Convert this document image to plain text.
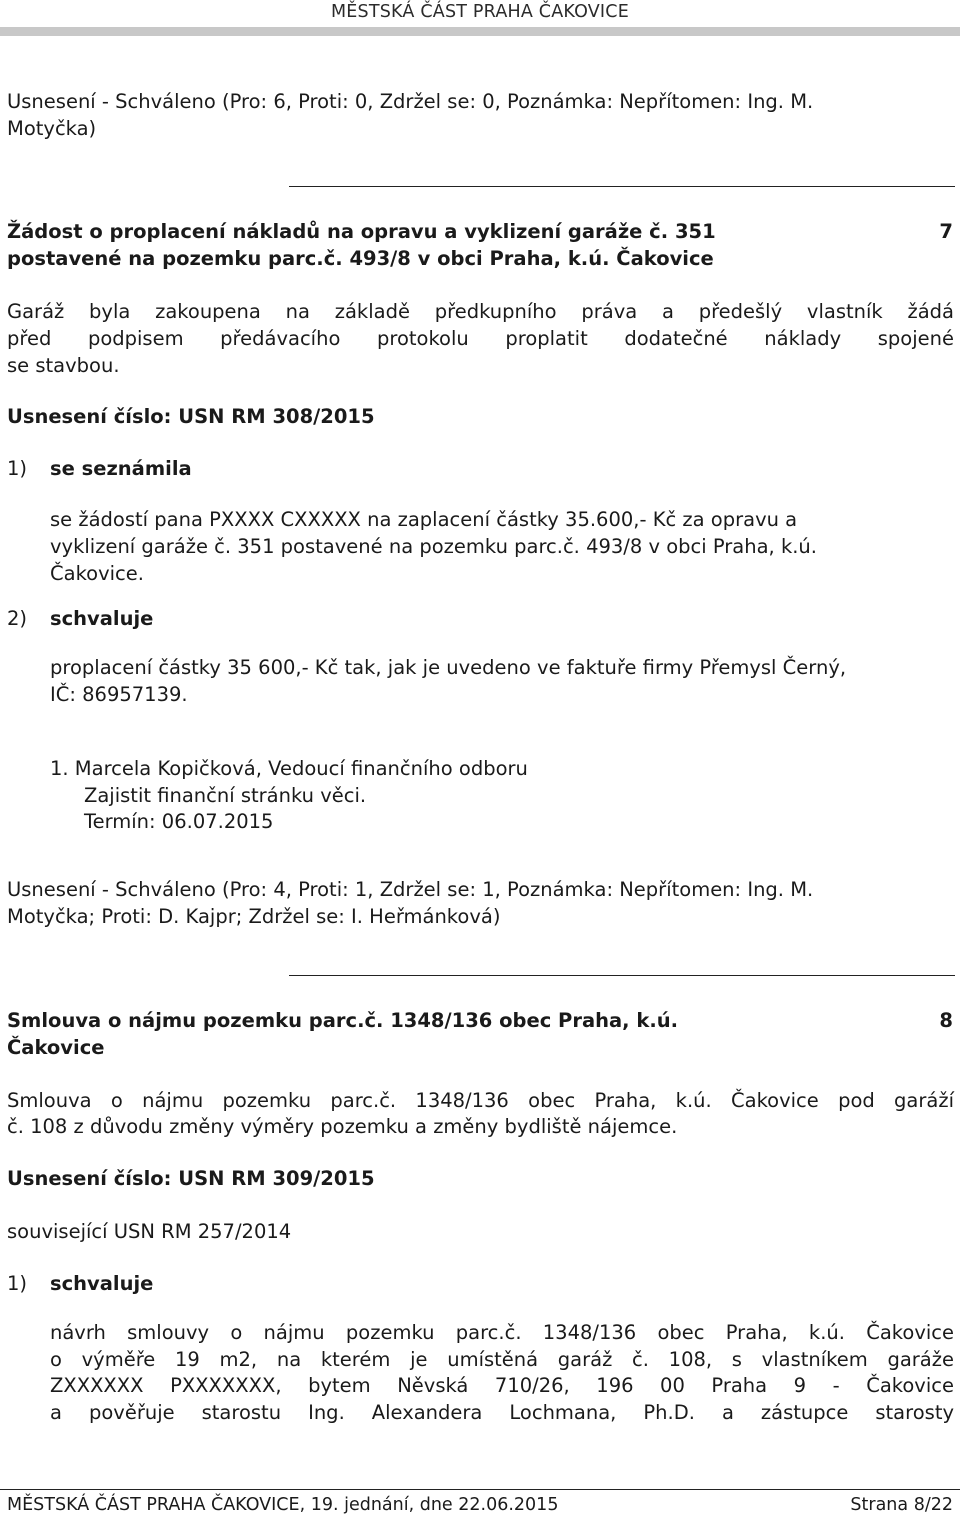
MĚSTSKÁ ČÁST PRAHA ČAKOVICE
Usnesení - Schváleno (Pro: 6, Proti: 0, Zdržel se: 0, Poznámka: Nepřítomen: Ing. M.
Motyčka)
Žádost o proplacení nákladů na opravu a vyklizení garáže č. 351
postavené na pozemku parc.č. 493/8 v obci Praha, k.ú. Čakovice
7
Garáž byla zakoupena na základě předkupního práva a předešlý vlastník žádá
před podpisem předávacího protokolu proplatit dodatečné náklady spojené
se stavbou.
Usnesení číslo: USN RM 308/2015
1) se seznámila
se žádostí pana PXXXX CXXXXX na zaplacení částky 35.600,- Kč za opravu a
vyklizení garáže č. 351 postavené na pozemku parc.č. 493/8 v obci Praha, k.ú.
Čakovice.
2) schvaluje
proplacení částky 35 600,- Kč tak, jak je uvedeno ve faktuře firmy Přemysl Černý,
IČ: 86957139.
1. Marcela Kopičková, Vedoucí finančního odboru
Zajistit finanční stránku věci.
Termín: 06.07.2015
Usnesení - Schváleno (Pro: 4, Proti: 1, Zdržel se: 1, Poznámka: Nepřítomen: Ing. M.
Motyčka; Proti: D. Kajpr; Zdržel se: I. Heřmánková)
Smlouva o nájmu pozemku parc.č. 1348/136 obec Praha, k.ú.
Čakovice
8
Smlouva o nájmu pozemku parc.č. 1348/136 obec Praha, k.ú. Čakovice pod garáží
č. 108 z důvodu změny výměry pozemku a změny bydliště nájemce.
Usnesení číslo: USN RM 309/2015
související USN RM 257/2014
1) schvaluje
návrh smlouvy o nájmu pozemku parc.č. 1348/136 obec Praha, k.ú. Čakovice
o výměře 19 m2, na kterém je umístěná garáž č. 108, s vlastníkem garáže
ZXXXXXX PXXXXXXX, bytem Něvská 710/26, 196 00 Praha 9 - Čakovice
a pověřuje starostu Ing. Alexandera Lochmana, Ph.D. a zástupce starosty
MĚSTSKÁ ČÁST PRAHA ČAKOVICE, 19. jednání, dne 22.06.2015	Strana 8/22
